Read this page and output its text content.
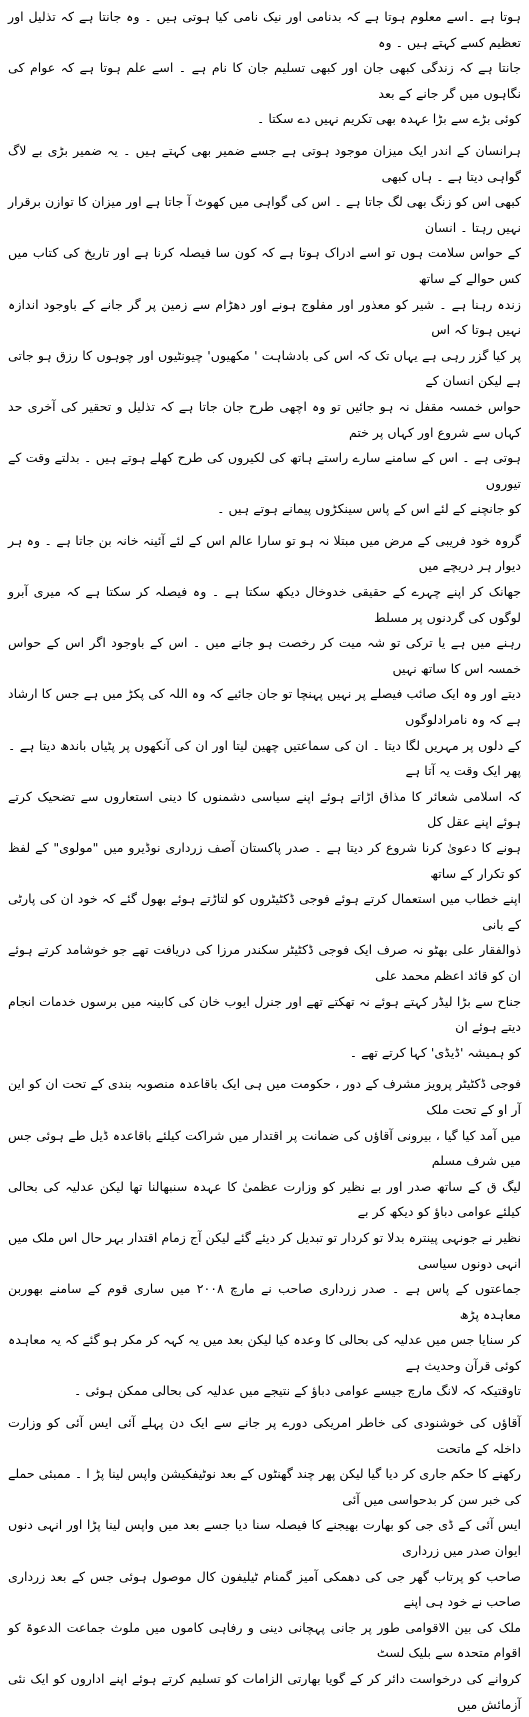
ہوتا ہے ۔اسے معلوم ہوتا ہے کہ بدنامی اور نیک نامی کیا ہوتی ہیں ۔ وہ جانتا ہے کہ تذلیل اور تعظیم کسے کہتے ہیں ۔ وہ
جانتا ہے کہ زندگی کبھی جان اور کبھی تسلیم جان کا نام ہے ۔ اسے علم ہوتا ہے کہ عوام کی نگاہوں میں گر جانے کے بعد
کوئی بڑے سے بڑا عہدہ بھی تکریم نہیں دے سکتا ۔

ہرانسان کے اندر ایک میزان موجود ہوتی ہے جسے ضمیر بھی کہتے ہیں ۔ یہ ضمیر بڑی بے لاگ گواہی دیتا ہے ۔ ہاں کبھی
کبھی اس کو زنگ بھی لگ جاتا ہے ۔ اس کی گواہی میں کھوٹ آ جاتا ہے اور میزان کا توازن برقرار نہیں رہتا ۔ انسان
کے حواس سلامت ہوں تو اسے ادراک ہوتا ہے کہ کون سا فیصلہ کرنا ہے اور تاریخ کی کتاب میں کس حوالے کے ساتھ
زندہ رہنا ہے ۔ شیر کو معذور اور مفلوج ہونے اور دھڑام سے زمین پر گر جانے کے باوجود اندازہ نہیں ہوتا کہ اس
پر کیا گزر رہی ہے یہاں تک کہ اس کی بادشاہت ' مکھیوں' چیونٹیوں اور چوہوں کا رزق ہو جاتی ہے لیکن انسان کے
حواس خمسہ مقفل نہ ہو جائیں تو وہ اچھی طرح جان جاتا ہے کہ تذلیل و تحقیر کی آخری حد کہاں سے شروع اور کہاں پر ختم
ہوتی ہے ۔ اس کے سامنے سارے راستے ہاتھ کی لکیروں کی طرح کھلے ہوتے ہیں ۔ بدلتے وقت کے تیوروں
کو جانچنے کے لئے اس کے پاس سینکڑوں پیمانے ہوتے ہیں ۔

گروہ خود فریبی کے مرض میں مبتلا نہ ہو تو سارا عالم اس کے لئے آئینہ خانہ بن جاتا ہے ۔ وہ ہر دیوار ہر دریچے میں
جھانک کر اپنے چہرے کے حقیقی خدوخال دیکھ سکتا ہے ۔ وہ فیصلہ کر سکتا ہے کہ میری آبرو لوگوں کی گردنوں پر مسلط
رہنے میں ہے یا ترکی تو شہ میت کر رخصت ہو جانے میں ۔ اس کے باوجود اگر اس کے حواس خمسہ اس کا ساتھ نہیں
دیتے اور وہ ایک صائب فیصلے پر نہیں پہنچا تو جان جائیے کہ وہ اللہ کی پکڑ میں ہے جس کا ارشاد ہے کہ وہ نامرادلوگوں
کے دلوں پر مہریں لگا دیتا ۔ ان کی سماعتیں چھین لیتا اور ان کی آنکھوں پر پٹیاں باندھ دیتا ہے ۔ پھر ایک وقت یہ آتا ہے
کہ اسلامی شعائر کا مذاق اڑاتے ہوئے اپنے سیاسی دشمنوں کا دینی استعاروں سے تضحیک کرتے ہوئے اپنے عقل کل
ہونے کا دعویٰ کرنا شروع کر دیتا ہے ۔ صدر پاکستان آصف زرداری نوڈیرو میں "مولوی" کے لفظ کو تکرار کے ساتھ
اپنے خطاب میں استعمال کرتے ہوئے فوجی ڈکٹیٹروں کو لتاڑتے ہوئے بھول گئے کہ خود ان کی پارٹی کے بانی
ذوالفقار علی بھٹو نہ صرف ایک فوجی ڈکٹیٹر سکندر مرزا کی دریافت تھے جو خوشامد کرتے ہوئے ان کو قائد اعظم محمد علی
جناح سے بڑا لیڈر کہتے ہوئے نہ تھکتے تھے اور جنرل ایوب خان کی کابینہ میں برسوں خدمات انجام دیتے ہوئے ان
کو ہمیشہ 'ڈیڈی' کہا کرتے تھے ۔

فوجی ڈکٹیٹر پرویز مشرف کے دور ، حکومت میں ہی ایک باقاعدہ منصوبہ بندی کے تحت ان کو این آر او کے تحت ملک
میں آمد کیا گیا ، بیرونی آقاؤں کی ضمانت پر اقتدار میں شراکت کیلئے باقاعدہ ڈیل طے ہوئی جس میں شرف مسلم
لیگ ق کے ساتھ صدر اور بے نظیر کو وزارت عظمیٰ کا عہدہ سنبھالنا تھا لیکن عدلیہ کی بحالی کیلئے عوامی دباؤ کو دیکھ کر بے
نظیر نے جونہی پینترہ بدلا تو کردار تو تبدیل کر دیئے گئے لیکن آج زمام اقتدار بہر حال اس ملک میں انہی دونوں سیاسی
جماعتوں کے پاس ہے ۔ صدر زرداری صاحب نے مارچ ۲۰۰۸ میں ساری قوم کے سامنے بھوربن معاہدہ پڑھ
کر سنایا جس میں عدلیہ کی بحالی کا وعدہ کیا لیکن بعد میں یہ کہہ کر مکر ہو گئے کہ یہ معاہدہ کوئی قرآن وحدیث ہے
تاوقتیکہ کہ لانگ مارچ جیسے عوامی دباؤ کے نتیجے میں عدلیہ کی بحالی ممکن ہوئی ۔

آقاؤں کی خوشنودی کی خاطر امریکی دورے پر جانے سے ایک دن پہلے آئی ایس آئی کو وزارت داخلہ کے ماتحت
رکھنے کا حکم جاری کر دیا گیا لیکن پھر چند گھنٹوں کے بعد نوٹیفکیشن واپس لینا پڑ ا ۔ ممبئی حملے کی خبر سن کر بدحواسی میں آئی
ایس آئی کے ڈی جی کو بھارت بھیجنے کا فیصلہ سنا دیا جسے بعد میں واپس لینا پڑا اور انہی دنوں ایوان صدر میں زرداری
صاحب کو پرتاب گھر جی کی دھمکی آمیز گمنام ٹیلیفون کال موصول ہوئی جس کے بعد زرداری صاحب نے خود ہی اپنے
ملک کی بین الاقوامی طور پر جانی پہچانی دینی و رفاہی کاموں میں ملوث جماعت الدعوۃ کو اقوام متحدہ سے بلیک لسٹ
کروانے کی درخواست دائر کر کے گویا بھارتی الزامات کو تسلیم کرتے ہوئے اپنے اداروں کو ایک نئی آزمائش میں
